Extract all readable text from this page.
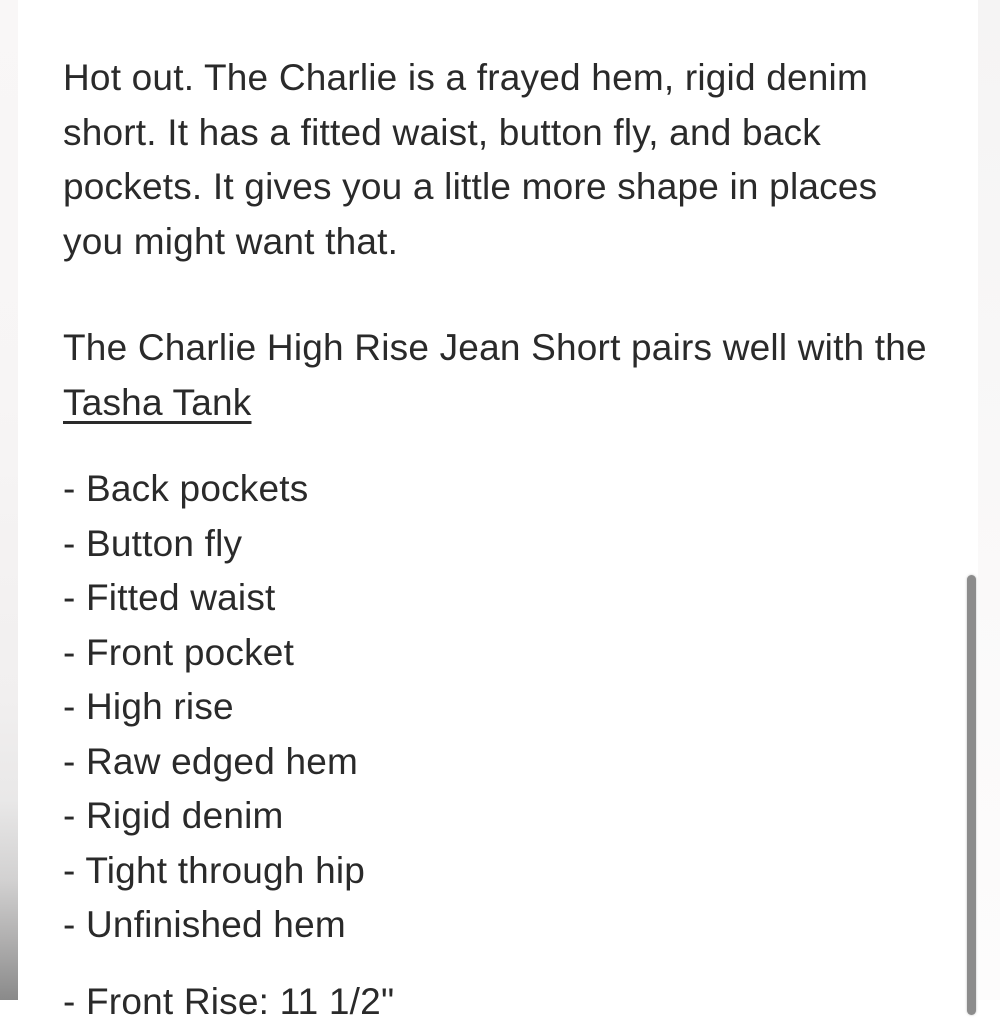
Hot out. The Charlie is a frayed hem, rigid denim
short. It has a fitted waist, button fly, and back
pockets. It gives you a little more shape in places
you might want that.
The Charlie High Rise Jean Short pairs well with the
Tasha Tank
- Back pockets
- Button fly
- Fitted waist
- Front pocket
- High rise
- Raw edged hem
- Rigid denim
- Tight through hip
- Unfinished hem
- Front Rise: 11 1/2"
